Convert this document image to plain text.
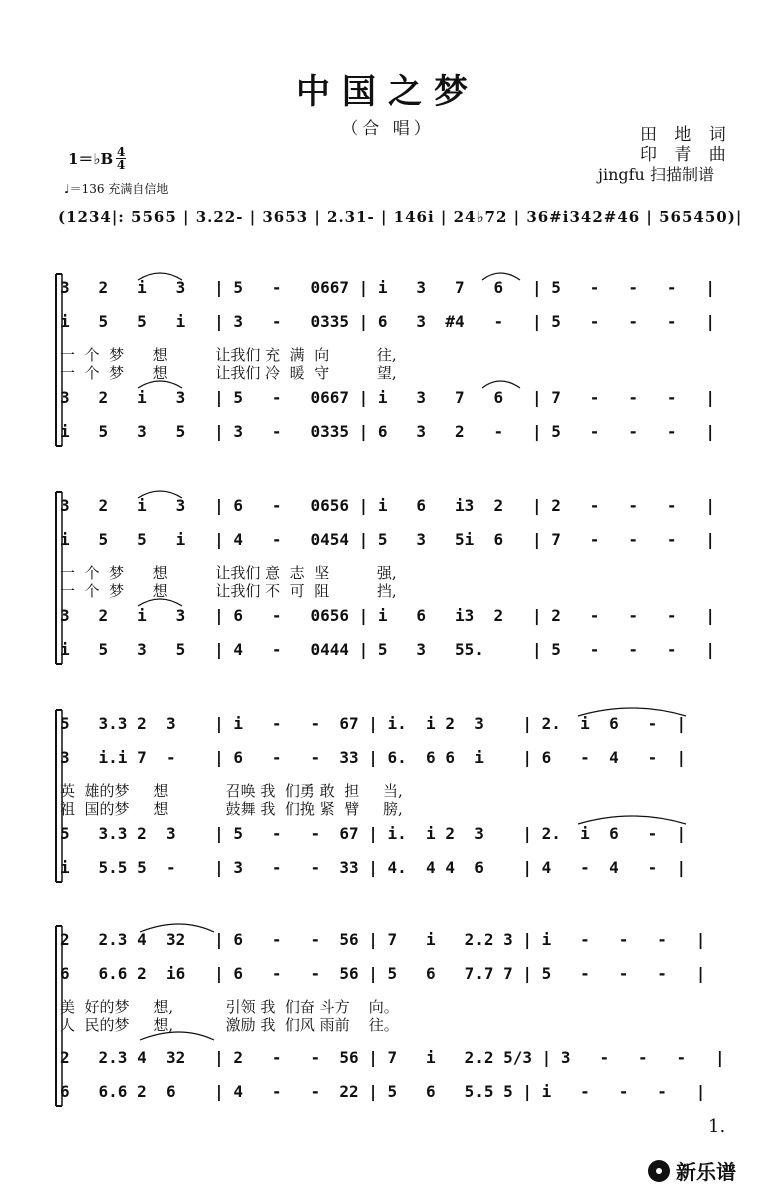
中国之梦
（合 唱）	田 地 词
印 青 曲
jingfu 扫描制谱
1＝♭B 4
4
♩＝136 充满自信地
(1234|: 5565 | 3.22- | 3653 | 2.31- | 146i | 24♭72 | 36#i342#46 | 565450)|
3   2   i   3   | 5   -   0667 | i   3   7   6   | 5   -   -   -   |
i   5   5   i   | 3   -   0335 | 6   3  #4   -   | 5   -   -   -   |
一  个  梦      想          让我们 充  满  向          往,
一  个  梦      想          让我们 冷  暖  守          望,
3   2   i   3   | 5   -   0667 | i   3   7   6   | 7   -   -   -   |
i   5   3   5   | 3   -   0335 | 6   3   2   -   | 5   -   -   -   |
3   2   i   3   | 6   -   0656 | i   6   i3  2   | 2   -   -   -   |
i   5   5   i   | 4   -   0454 | 5   3   5i  6   | 7   -   -   -   |
一  个  梦      想          让我们 意  志  坚          强,
一  个  梦      想          让我们 不  可  阻          挡,
3   2   i   3   | 6   -   0656 | i   6   i3  2   | 2   -   -   -   |
i   5   3   5   | 4   -   0444 | 5   3   55.     | 5   -   -   -   |
5   3.3 2  3    | i   -   -  67 | i.  i 2  3    | 2.  i  6   -  |
3   i.i 7  -    | 6   -   -  33 | 6.  6 6  i    | 6   -  4   -  |
英  雄的梦     想            召唤 我  们勇 敢  担     当,
祖  国的梦     想            鼓舞 我  们挽 紧  臂     膀,
5   3.3 2  3    | 5   -   -  67 | i.  i 2  3    | 2.  i  6   -  |
i   5.5 5  -    | 3   -   -  33 | 4.  4 4  6    | 4   -  4   -  |
2   2.3 4  32   | 6   -   -  56 | 7   i   2.2 3 | i   -   -   -   |
6   6.6 2  i6   | 6   -   -  56 | 5   6   7.7 7 | 5   -   -   -   |
美  好的梦     想,           引领 我  们奋 斗方    向。
人  民的梦     想,           激励 我  们风 雨前    往。
2   2.3 4  32   | 2   -   -  56 | 7   i   2.2 5/3 | 3   -   -   -   |
6   6.6 2  6    | 4   -   -  22 | 5   6   5.5 5 | i   -   -   -   |
1.
新乐谱
